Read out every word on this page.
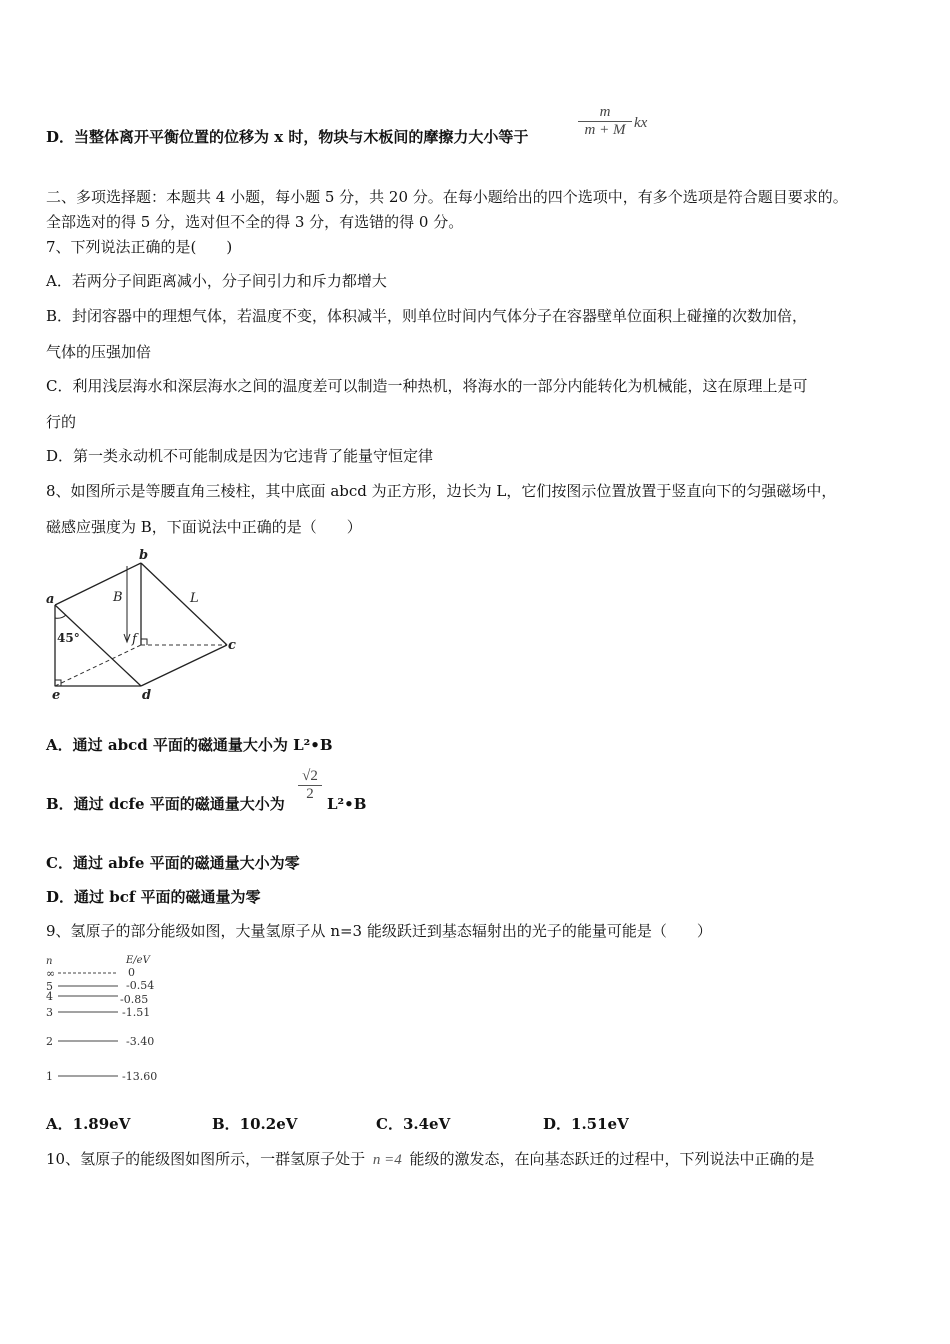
D．当整体离开平衡位置的位移为 x 时，物块与木板间的摩擦力大小等于
m
m + M kx
二、多项选择题：本题共 4 小题，每小题 5 分，共 20 分。在每小题给出的四个选项中，有多个选项是符合题目要求的。
全部选对的得 5 分，选对但不全的得 3 分，有选错的得 0 分。
7、下列说法正确的是(　　)
A．若两分子间距离减小，分子间引力和斥力都增大
B．封闭容器中的理想气体，若温度不变，体积减半，则单位时间内气体分子在容器壁单位面积上碰撞的次数加倍，
气体的压强加倍
C．利用浅层海水和深层海水之间的温度差可以制造一种热机，将海水的一部分内能转化为机械能，这在原理上是可
行的
D．第一类永动机不可能制成是因为它违背了能量守恒定律
8、如图所示是等腰直角三棱柱，其中底面 abcd 为正方形，边长为 L，它们按图示位置放置于竖直向下的匀强磁场中，
磁感应强度为 B，下面说法中正确的是（　　）
a
b
c
d
e
f
B	L
45°
A．通过 abcd 平面的磁通量大小为 L²•B
B．通过 dcfe 平面的磁通量大小为
√2
2
L²•B
C．通过 abfe 平面的磁通量大小为零
D．通过 bcf 平面的磁通量为零
9、氢原子的部分能级如图，大量氢原子从 n=3 能级跃迁到基态辐射出的光子的能量可能是（　　）
n	E/eV
∞	0
5	-0.54
4	-0.85
3	-1.51
2	-3.40
1	-13.60
A．1.89eV	B．10.2eV	C．3.4eV	D．1.51eV
10、氢原子的能级图如图所示，一群氢原子处于 n =4 能级的激发态，在向基态跃迁的过程中，下列说法中正确的是
